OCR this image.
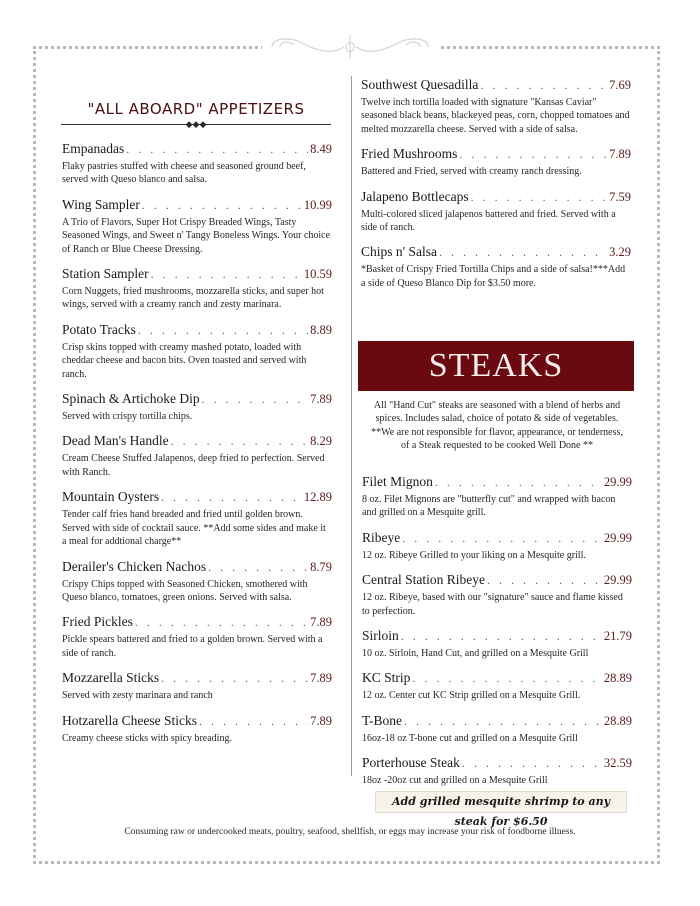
"ALL ABOARD" APPETIZERS
◆◆◆
Empanadas . . .	8.49
Flaky pastries stuffed with cheese and seasoned ground beef, served with Queso blanco and salsa.
Wing Sampler . . .	10.99
A Trio of Flavors, Super Hot Crispy Breaded Wings, Tasty Seasoned Wings, and Sweet n' Tangy Boneless Wings. Your choice of Ranch or Blue Cheese Dressing.
Station Sampler . . .	10.59
Corn Nuggets, fried mushrooms, mozzarella sticks, and super hot wings, served with a creamy ranch and zesty marinara.
Potato Tracks . . .	8.89
Crisp skins topped with creamy mashed potato, loaded with cheddar cheese and bacon bits. Oven toasted and served with ranch.
Spinach & Artichoke Dip . . .	7.89
Served with crispy tortilla chips.
Dead Man's Handle . . .	8.29
Cream Cheese Stuffed Jalapenos, deep fried to perfection. Served with Ranch.
Mountain Oysters . . .	12.89
Tender calf fries hand breaded and fried until golden brown. Served with side of cocktail sauce. **Add some sides and make it a meal for addtional charge**
Derailer's Chicken Nachos . . .	8.79
Crispy Chips topped with Seasoned Chicken, smothered with Queso blanco, tomatoes, green onions. Served with salsa.
Fried Pickles . . .	7.89
Pickle spears battered and fried to a golden brown. Served with a side of ranch.
Mozzarella Sticks . . .	7.89
Served with zesty marinara and ranch
Hotzarella Cheese Sticks . . .	7.89
Creamy cheese sticks with spicy breading.
Southwest Quesadilla . . .	7.69
Twelve inch tortilla loaded with signature "Kansas Caviar" seasoned black beans, blackeyed peas, corn, chopped tomatoes and melted mozzarella cheese. Served with a side of salsa.
Fried Mushrooms . . .	7.89
Battered and Fried, served with creamy ranch dressing.
Jalapeno Bottlecaps . . .	7.59
Multi-colored sliced jalapenos battered and fried. Served with a side of ranch.
Chips n' Salsa . . .	3.29
*Basket of Crispy Fried Tortilla Chips and a side of salsa!***Add a side of Queso Blanco Dip for $3.50 more.
STEAKS
All "Hand Cut" steaks are seasoned with a blend of herbs and spices. Includes salad, choice of potato & side of vegetables. **We are not responsible for flavor, appearance, or tenderness, of a Steak requested to be cooked Well Done **
Filet Mignon . . .	29.99
8 oz. Filet Mignons are "butterfly cut" and wrapped with bacon and grilled on a Mesquite grill.
Ribeye . . .	29.99
12 oz. Ribeye Grilled to your liking on a Mesquite grill.
Central Station Ribeye . . .	29.99
12 oz. Ribeye, based with our "signature" sauce and flame kissed to perfection.
Sirloin . . .	21.79
10 oz. Sirloin, Hand Cut, and grilled on a Mesquite Grill
KC Strip . . .	28.89
12 oz. Center cut KC Strip grilled on a Mesquite Grill.
T-Bone . . .	28.89
16oz-18 oz T-bone cut and grilled on a Mesquite Grill
Porterhouse Steak . . .	32.59
18oz -20oz cut and grilled on a Mesquite Grill
Add grilled mesquite shrimp to any steak for $6.50
Consuming raw or undercooked meats, poultry, seafood, shellfish, or eggs may increase your risk of foodborne illness.
